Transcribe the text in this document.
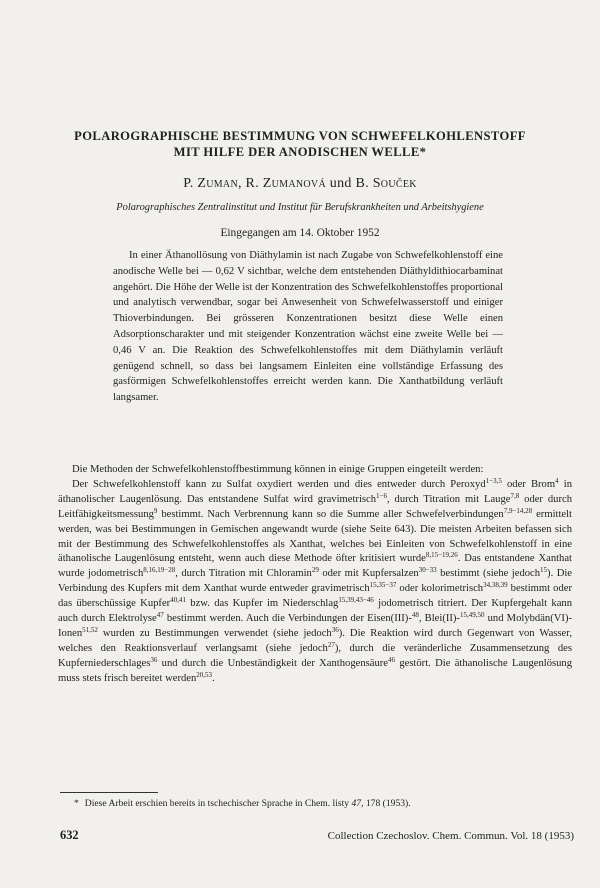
POLAROGRAPHISCHE BESTIMMUNG VON SCHWEFELKOHLENSTOFF
MIT HILFE DER ANODISCHEN WELLE*
P. Zuman, R. Zumanová und B. Souček
Polarographisches Zentralinstitut und Institut für Berufskrankheiten und Arbeitshygiene
Eingegangen am 14. Oktober 1952

In einer Äthanollösung von Diäthylamin ist nach Zugabe von Schwefelkohlenstoff eine anodische Welle bei — 0,62 V sichtbar, welche dem entstehenden Diäthyldithiocarbaminat angehört. Die Höhe der Welle ist der Konzentration des Schwefelkohlenstoffes proportional und analytisch verwendbar, sogar bei Anwesenheit von Schwefelwasserstoff und einiger Thioverbindungen. Bei grösseren Konzentrationen besitzt diese Welle einen Adsorptionscharakter und mit steigender Konzentration wächst eine zweite Welle bei — 0,46 V an. Die Reaktion des Schwefelkohlenstoffes mit dem Diäthylamin verläuft genügend schnell, so dass bei langsamem Einleiten eine vollständige Erfassung des gasförmigen Schwefelkohlenstoffes erreicht werden kann. Die Xanthatbildung verläuft langsamer.

Die Methoden der Schwefelkohlenstoffbestimmung können in einige Gruppen eingeteilt werden:

Der Schwefelkohlenstoff kann zu Sulfat oxydiert werden und dies entweder durch Peroxyd$^{1-3,5}$ oder Brom$^4$ in äthanolischer Laugenlösung. Das entstandene Sulfat wird gravimetrisch$^{1-6}$, durch Titration mit Lauge$^{7,8}$ oder durch Leitfähigkeitsmessung$^9$ bestimmt. Nach Verbrennung kann so die Summe aller Schwefelverbindungen$^{7,9-14,28}$ ermittelt werden, was bei Bestimmungen in Gemischen angewandt wurde (siehe Seite 643). Die meisten Arbeiten befassen sich mit der Bestimmung des Schwefelkohlenstoffes als Xanthat, welches bei Einleiten von Schwefelkohlenstoff in eine äthanolische Laugenlösung entsteht, wenn auch diese Methode öfter kritisiert wurde$^{8,15-19,26}$. Das entstandene Xanthat wurde jodometrisch$^{8,16,19-28}$, durch Titration mit Chloramin$^{29}$ oder mit Kupfersalzen$^{30-33}$ bestimmt (siehe jedoch$^{15}$). Die Verbindung des Kupfers mit dem Xanthat wurde entweder gravimetrisch$^{15,35-37}$ oder kolorimetrisch$^{34,38,39}$ bestimmt oder das überschüssige Kupfer$^{40,41}$ bzw. das Kupfer im Niederschlag$^{15,39,43-46}$ jodometrisch titriert. Der Kupfergehalt kann auch durch Elektrolyse$^{47}$ bestimmt werden. Auch die Verbindungen der Eisen(III)-$^{48}$, Blei(II)-$^{15,49,50}$ und Molybdän(VI)-Ionen$^{51,52}$ wurden zu Bestimmungen verwendet (siehe jedoch$^{36}$). Die Reaktion wird durch Gegenwart von Wasser, welches den Reaktionsverlauf verlangsamt (siehe jedoch$^{27}$), durch die veränderliche Zusammensetzung des Kupferniederschlages$^{36}$ und durch die Unbeständigkeit der Xanthogensäure$^{46}$ gestört. Die äthanolische Laugenlösung muss stets frisch bereitet werden$^{20,53}$.

* Diese Arbeit erschien bereits in tschechischer Sprache in Chem. listy 47, 178 (1953).
632	Collection Czechoslov. Chem. Commun. Vol. 18 (1953)
